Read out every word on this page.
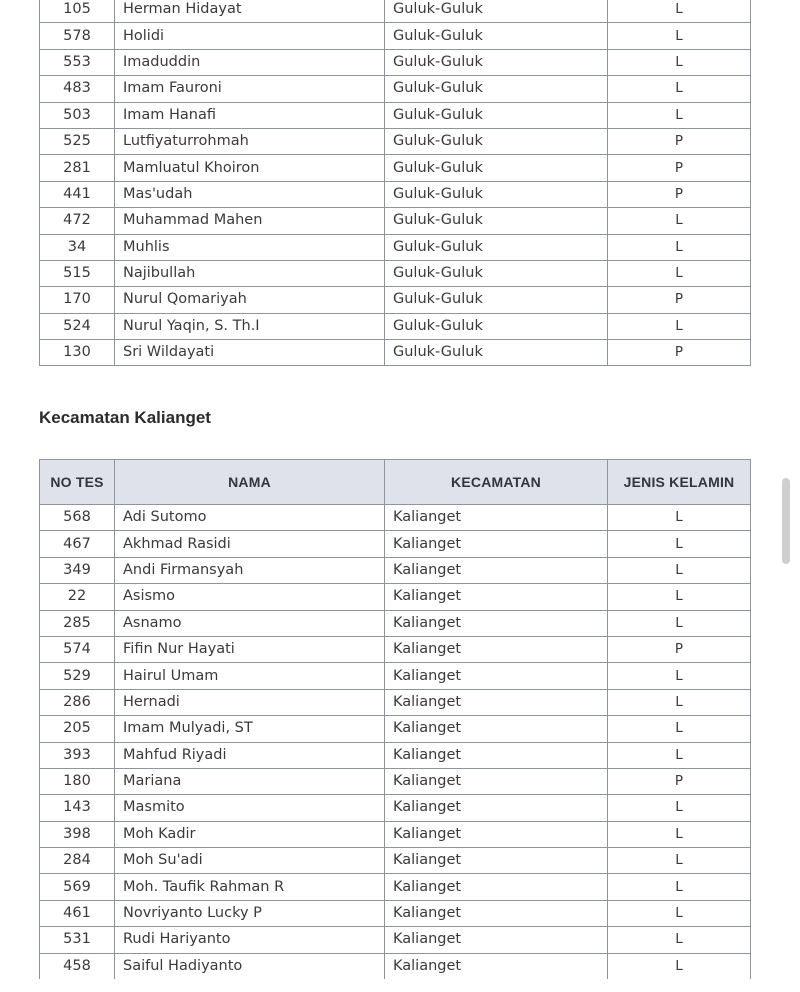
105	Herman Hidayat	Guluk-Guluk	L
578	Holidi	Guluk-Guluk	L
553	Imaduddin	Guluk-Guluk	L
483	Imam Fauroni	Guluk-Guluk	L
503	Imam Hanafi	Guluk-Guluk	L
525	Lutfiyaturrohmah	Guluk-Guluk	P
281	Mamluatul Khoiron	Guluk-Guluk	P
441	Mas'udah	Guluk-Guluk	P
472	Muhammad Mahen	Guluk-Guluk	L
34	Muhlis	Guluk-Guluk	L
515	Najibullah	Guluk-Guluk	L
170	Nurul Qomariyah	Guluk-Guluk	P
524	Nurul Yaqin, S. Th.I	Guluk-Guluk	L
130	Sri Wildayati	Guluk-Guluk	P
Kecamatan Kalianget
NO TES	NAMA	KECAMATAN	JENIS KELAMIN
568	Adi Sutomo	Kalianget	L
467	Akhmad Rasidi	Kalianget	L
349	Andi Firmansyah	Kalianget	L
22	Asismo	Kalianget	L
285	Asnamo	Kalianget	L
574	Fifin Nur Hayati	Kalianget	P
529	Hairul Umam	Kalianget	L
286	Hernadi	Kalianget	L
205	Imam Mulyadi, ST	Kalianget	L
393	Mahfud Riyadi	Kalianget	L
180	Mariana	Kalianget	P
143	Masmito	Kalianget	L
398	Moh Kadir	Kalianget	L
284	Moh Su'adi	Kalianget	L
569	Moh. Taufik Rahman R	Kalianget	L
461	Novriyanto Lucky P	Kalianget	L
531	Rudi Hariyanto	Kalianget	L
458	Saiful Hadiyanto	Kalianget	L
